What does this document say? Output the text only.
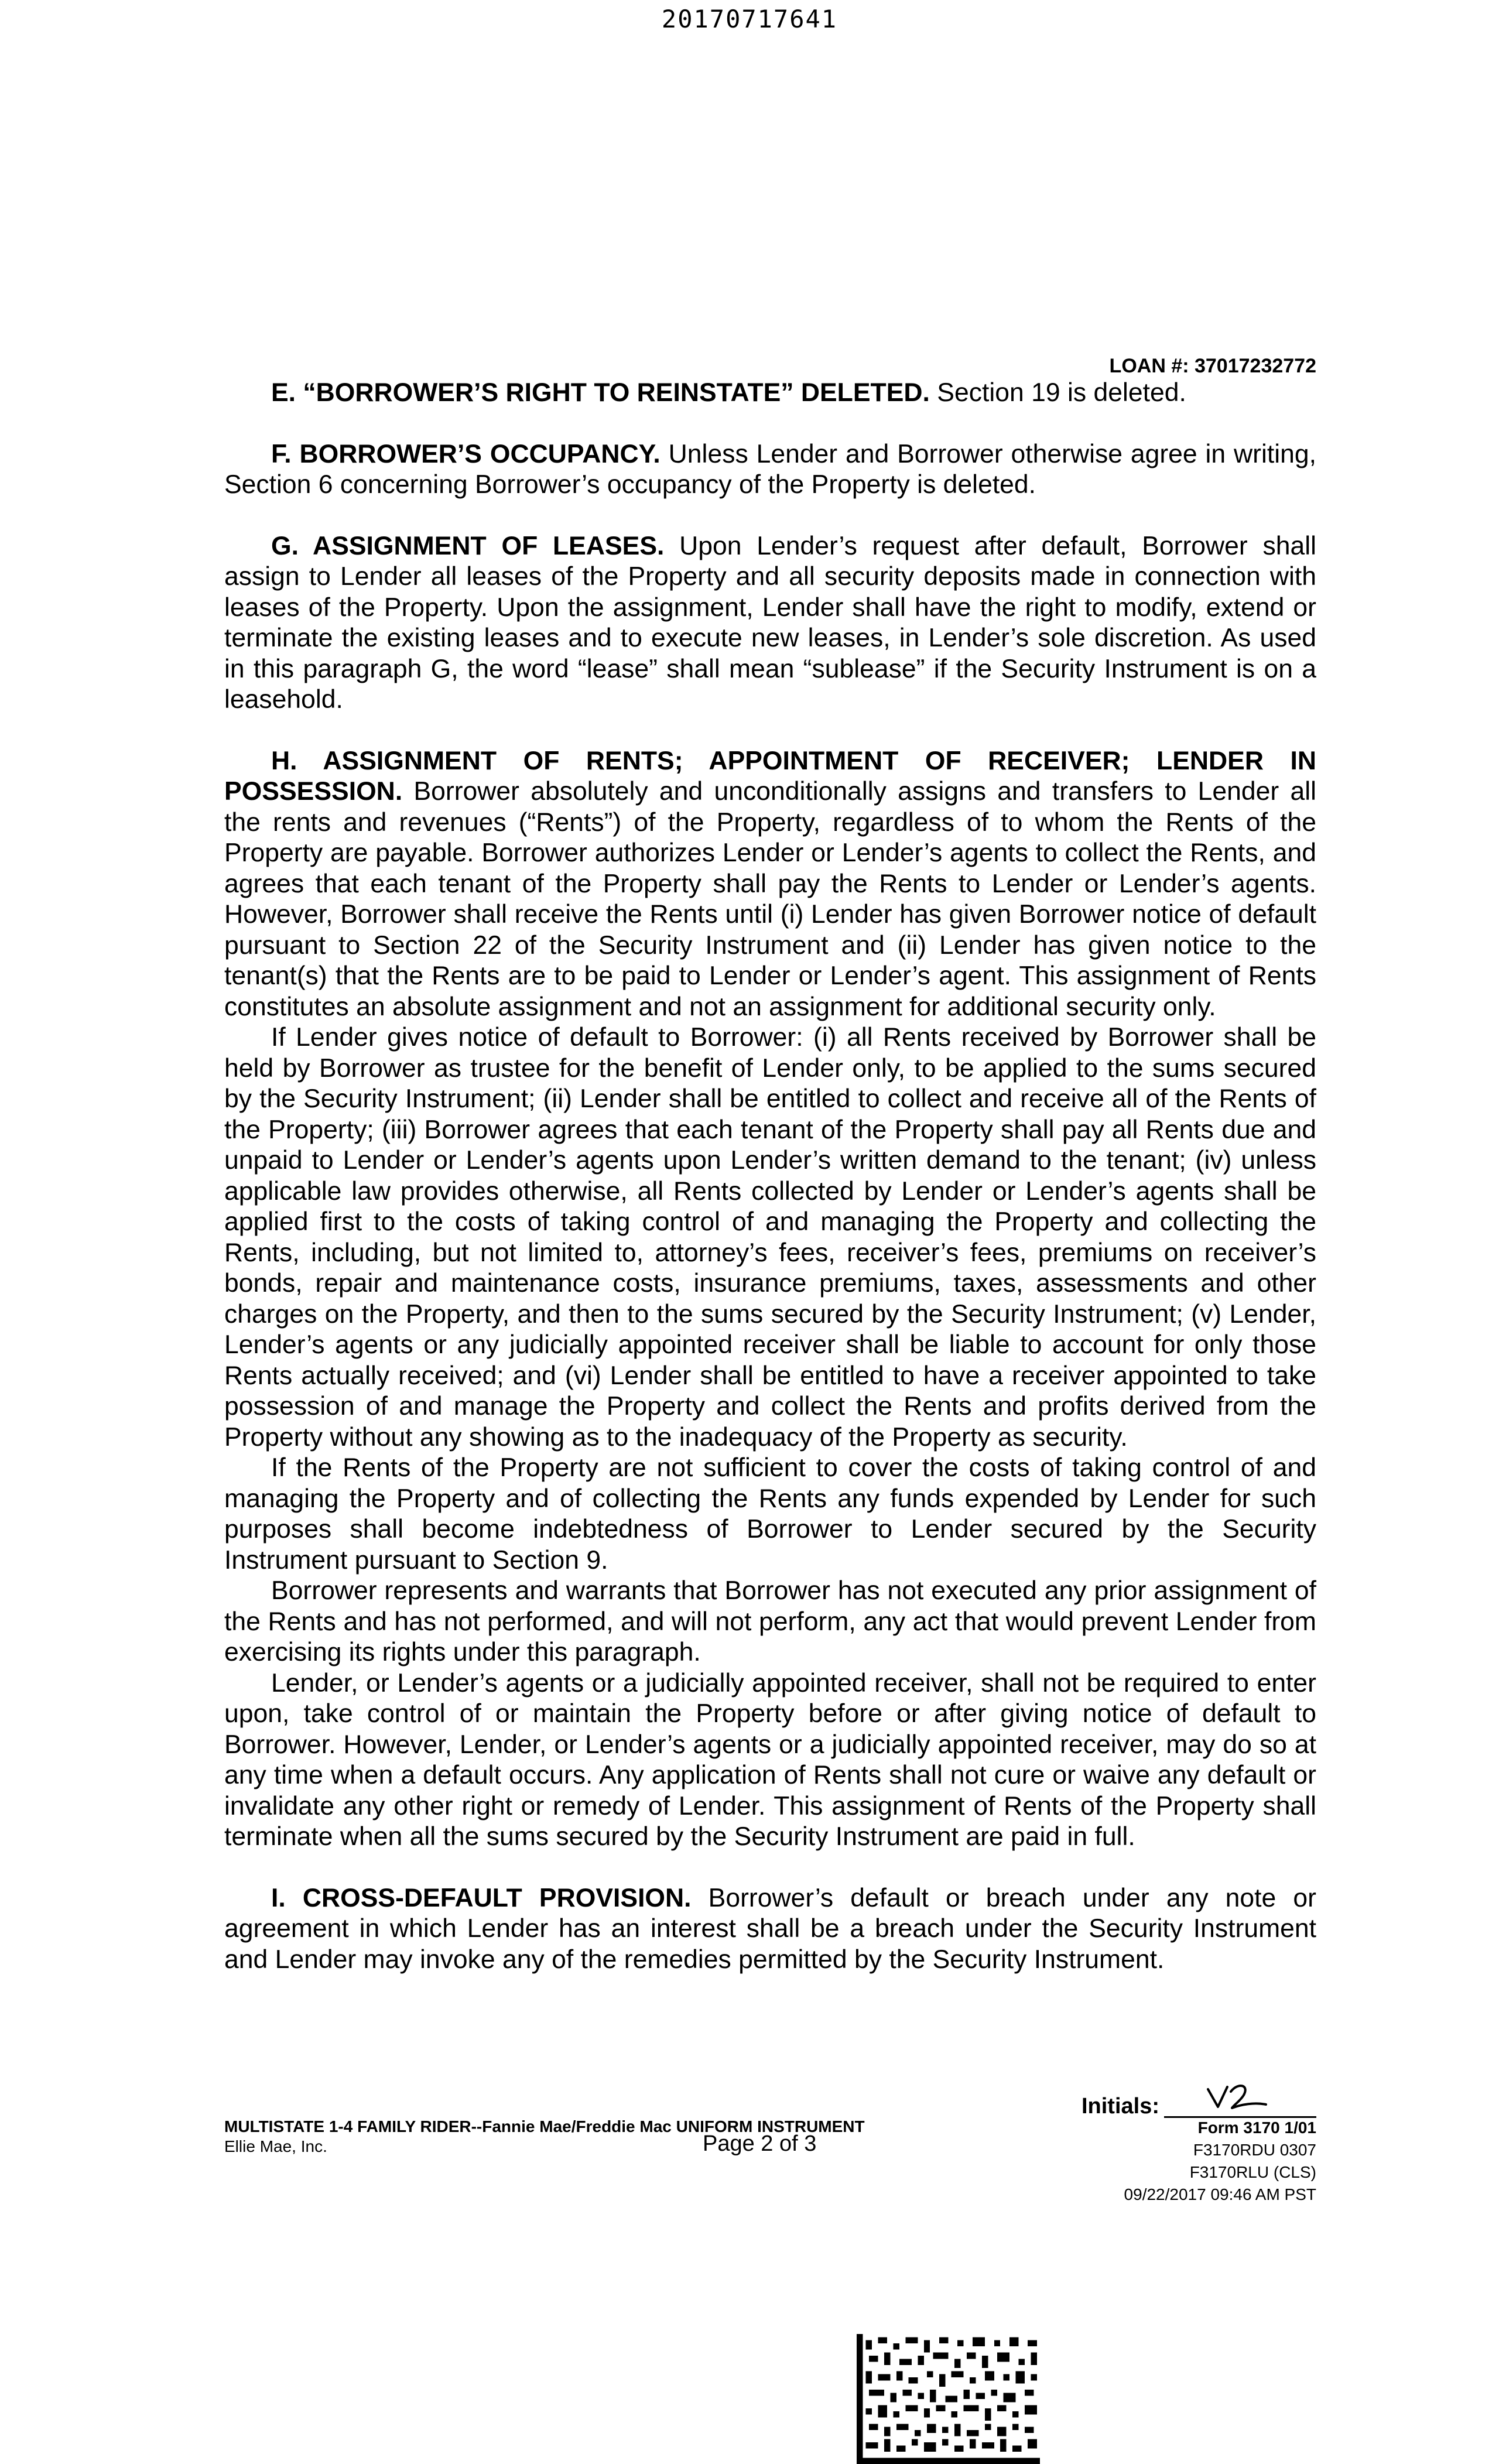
20170717641
LOAN #: 37017232772

E. “BORROWER’S RIGHT TO REINSTATE” DELETED. Section 19 is deleted.

F. BORROWER’S OCCUPANCY. Unless Lender and Borrower otherwise agree in writing, Section 6 concerning Borrower’s occupancy of the Property is deleted.

G. ASSIGNMENT OF LEASES. Upon Lender’s request after default, Borrower shall assign to Lender all leases of the Property and all security deposits made in connection with leases of the Property. Upon the assignment, Lender shall have the right to modify, extend or terminate the existing leases and to execute new leases, in Lender’s sole discretion. As used in this paragraph G, the word “lease” shall mean “sublease” if the Security Instrument is on a leasehold.

H. ASSIGNMENT OF RENTS; APPOINTMENT OF RECEIVER; LENDER IN POSSESSION. Borrower absolutely and unconditionally assigns and transfers to Lender all the rents and revenues (“Rents”) of the Property, regardless of to whom the Rents of the Property are payable. Borrower authorizes Lender or Lender’s agents to collect the Rents, and agrees that each tenant of the Property shall pay the Rents to Lender or Lender’s agents. However, Borrower shall receive the Rents until (i) Lender has given Borrower notice of default pursuant to Section 22 of the Security Instrument and (ii) Lender has given notice to the tenant(s) that the Rents are to be paid to Lender or Lender’s agent. This assignment of Rents constitutes an absolute assignment and not an assignment for additional security only.

If Lender gives notice of default to Borrower: (i) all Rents received by Borrower shall be held by Borrower as trustee for the benefit of Lender only, to be applied to the sums secured by the Security Instrument; (ii) Lender shall be entitled to collect and receive all of the Rents of the Property; (iii) Borrower agrees that each tenant of the Property shall pay all Rents due and unpaid to Lender or Lender’s agents upon Lender’s written demand to the tenant; (iv) unless applicable law provides otherwise, all Rents collected by Lender or Lender’s agents shall be applied first to the costs of taking control of and managing the Property and collecting the Rents, including, but not limited to, attorney’s fees, receiver’s fees, premiums on receiver’s bonds, repair and maintenance costs, insurance premiums, taxes, assessments and other charges on the Property, and then to the sums secured by the Security Instrument; (v) Lender, Lender’s agents or any judicially appointed receiver shall be liable to account for only those Rents actually received; and (vi) Lender shall be entitled to have a receiver appointed to take possession of and manage the Property and collect the Rents and profits derived from the Property without any showing as to the inadequacy of the Property as security.

If the Rents of the Property are not sufficient to cover the costs of taking control of and managing the Property and of collecting the Rents any funds expended by Lender for such purposes shall become indebtedness of Borrower to Lender secured by the Security Instrument pursuant to Section 9.

Borrower represents and warrants that Borrower has not executed any prior assignment of the Rents and has not performed, and will not perform, any act that would prevent Lender from exercising its rights under this paragraph.

Lender, or Lender’s agents or a judicially appointed receiver, shall not be required to enter upon, take control of or maintain the Property before or after giving notice of default to Borrower. However, Lender, or Lender’s agents or a judicially appointed receiver, may do so at any time when a default occurs. Any application of Rents shall not cure or waive any default or invalidate any other right or remedy of Lender. This assignment of Rents of the Property shall terminate when all the sums secured by the Security Instrument are paid in full.

I. CROSS-DEFAULT PROVISION. Borrower’s default or breach under any note or agreement in which Lender has an interest shall be a breach under the Security Instrument and Lender may invoke any of the remedies permitted by the Security Instrument.

MULTISTATE 1-4 FAMILY RIDER--Fannie Mae/Freddie Mac UNIFORM INSTRUMENT
Ellie Mae, Inc.	Page 2 of 3
Initials:
Form 3170 1/01
F3170RDU 0307
F3170RLU (CLS)
09/22/2017 09:46 AM PST
